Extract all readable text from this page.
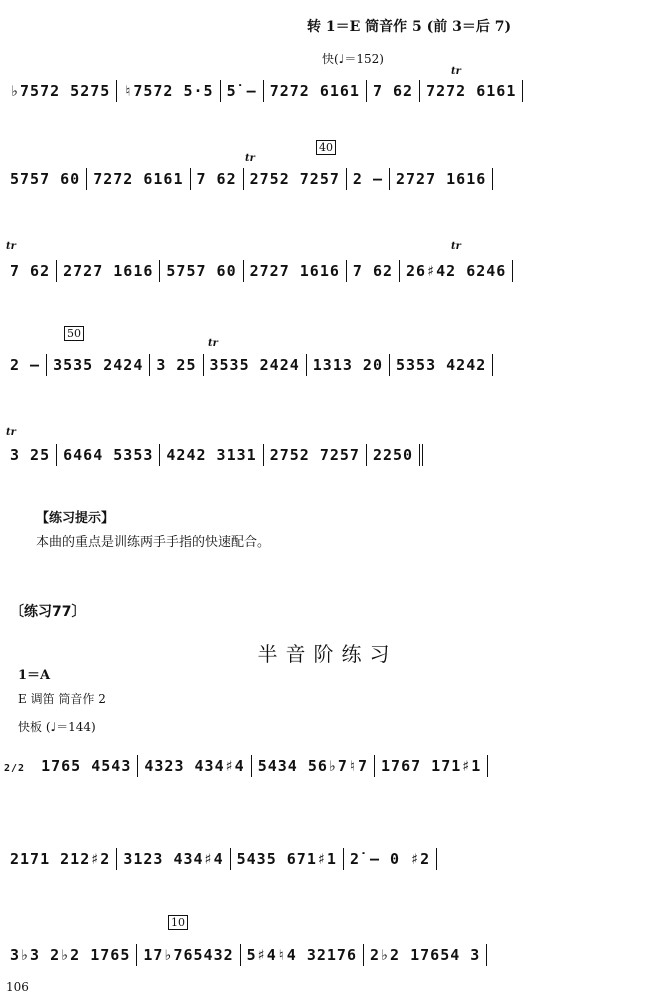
转 1＝E 筒音作 5 (前 3＝后 7)
快(♩＝152)
♭7572 5275 ♮7572 5·5 5̇ – 7272 6161 7 62 7272 6161
tr
40
tr
5757 60 7272 6161 7 62 2752 7257 2 – 2727 1616
tr	tr
7 62 2727 1616 5757 60 2727 1616 7 62 26♯42 6246
50
tr
2 – 3535 2424 3 25 3535 2424 1313 20 5353 4242
tr
3 25 6464 5353 4242 3131 2752 7257 2250
【练习提示】
本曲的重点是训练两手手指的快速配合。
〔练习77〕
半音阶练习
1＝A
E 调笛 筒音作 2
快板 (♩＝144)
2/2 1765 4543 4323 434♯4 5434 56♭7♮7 1767 171♯1
2171 212♯2 3123 434♯4 5435 671♯1 2̇ – 0 ♯2
10
3♭3 2♭2 1765 17♭765432 5♯4♮4 32176 2♭2 17654 3
106
